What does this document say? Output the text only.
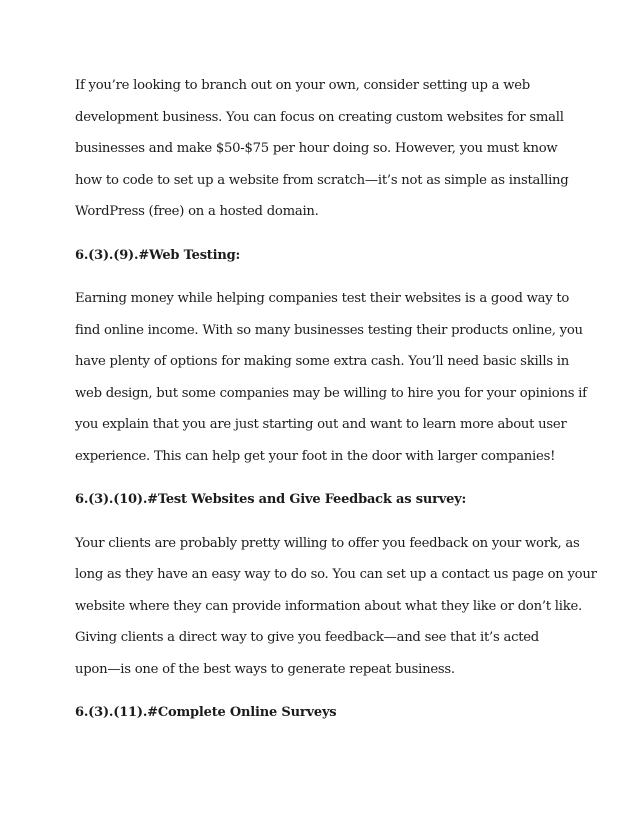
If you’re looking to branch out on your own, consider setting up a web
development business. You can focus on creating custom websites for small
businesses and make $50-$75 per hour doing so. However, you must know
how to code to set up a website from scratch—it’s not as simple as installing
WordPress (free) on a hosted domain.
6.(3).(9).#Web Testing:
Earning money while helping companies test their websites is a good way to
find online income. With so many businesses testing their products online, you
have plenty of options for making some extra cash. You’ll need basic skills in
web design, but some companies may be willing to hire you for your opinions if
you explain that you are just starting out and want to learn more about user
experience. This can help get your foot in the door with larger companies!
6.(3).(10).#Test Websites and Give Feedback as survey:
Your clients are probably pretty willing to offer you feedback on your work, as
long as they have an easy way to do so. You can set up a contact us page on your
website where they can provide information about what they like or don’t like.
Giving clients a direct way to give you feedback—and see that it’s acted
upon—is one of the best ways to generate repeat business.
6.(3).(11).#Complete Online Surveys
